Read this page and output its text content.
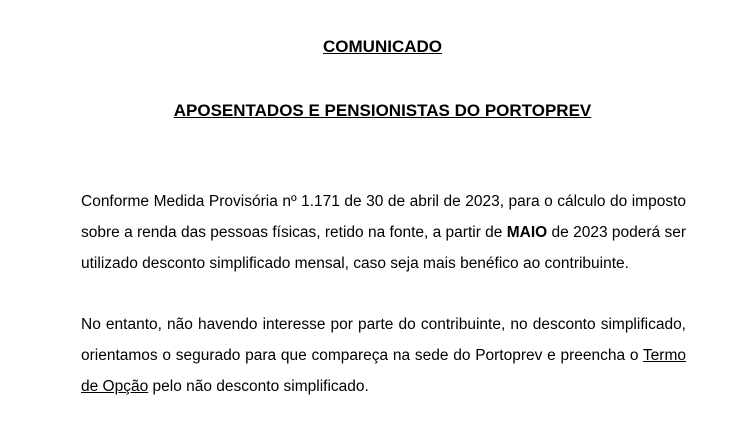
COMUNICADO
APOSENTADOS E PENSIONISTAS DO PORTOPREV

Conforme Medida Provisória nº 1.171 de 30 de abril de 2023, para o cálculo do imposto sobre a renda das pessoas físicas, retido na fonte, a partir de MAIO de 2023 poderá ser utilizado desconto simplificado mensal, caso seja mais benéfico ao contribuinte.

No entanto, não havendo interesse por parte do contribuinte, no desconto simplificado, orientamos o segurado para que compareça na sede do Portoprev e preencha o Termo de Opção pelo não desconto simplificado.
